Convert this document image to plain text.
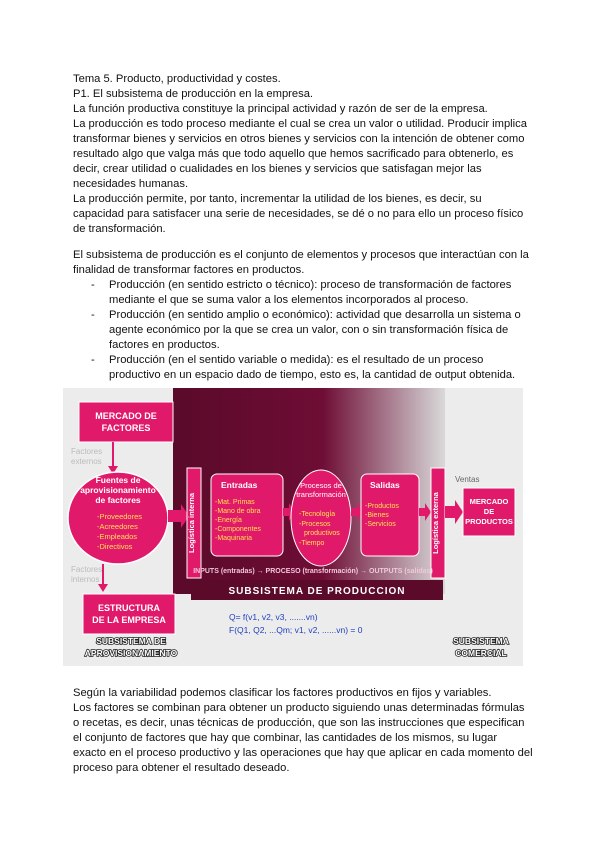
Tema 5. Producto, productividad y costes.

P1. El subsistema de producción en la empresa.

La función productiva constituye la principal actividad y razón de ser de la empresa.

La producción es todo proceso mediante el cual se crea un valor o utilidad. Producir implica transformar bienes y servicios en otros bienes y servicios con la intención de obtener como resultado algo que valga más que todo aquello que hemos sacrificado para obtenerlo, es decir, crear utilidad o cualidades en los bienes y servicios que satisfagan mejor las necesidades humanas.

La producción permite, por tanto, incrementar la utilidad de los bienes, es decir, su capacidad para satisfacer una serie de necesidades, se dé o no para ello un proceso físico de transformación.

El subsistema de producción es el conjunto de elementos y procesos que interactúan con la finalidad de transformar factores en productos.

- Producción (en sentido estricto o técnico): proceso de transformación de factores mediante el que se suma valor a los elementos incorporados al proceso.
- Producción (en sentido amplio o económico): actividad que desarrolla un sistema o agente económico por la que se crea un valor, con o sin transformación física de factores en productos.
- Producción (en el sentido variable o medida): es el resultado de un proceso productivo en un espacio dado de tiempo, esto es, la cantidad de output obtenida.
MERCADO DE
FACTORES
Factores
externos
Fuentes de
aprovisionamiento
de factores
-Proveedores
-Acreedores
-Empleados
-Directivos
Factores
internos
ESTRUCTURA
DE LA EMPRESA
Logística interna
Entradas
-Mat. Primas
-Mano de obra
-Energía
-Componentes
-Maquinaria
Procesos de
transformación
-Tecnología
-Procesos
productivos
-Tiempo
Salidas
-Productos
-Bienes
-Servicios	Logística externa
Ventas
MERCADO
DE
PRODUCTOS
INPUTS (entradas) → PROCESO (transformación) → OUTPUTS (salidas)
SUBSISTEMA DE PRODUCCION
Q= f(v1, v2, v3, .......vn)
F(Q1, Q2, ...Qm; v1, v2, ......vn) = 0
SUBSISTEMA DE
APROVISIONAMIENTO
SUBSISTEMA
COMERCIAL

Según la variabilidad podemos clasificar los factores productivos en fijos y variables.

Los factores se combinan para obtener un producto siguiendo unas determinadas fórmulas o recetas, es decir, unas técnicas de producción, que son las instrucciones que especifican el conjunto de factores que hay que combinar, las cantidades de los mismos, su lugar exacto en el proceso productivo y las operaciones que hay que aplicar en cada momento del proceso para obtener el resultado deseado.
